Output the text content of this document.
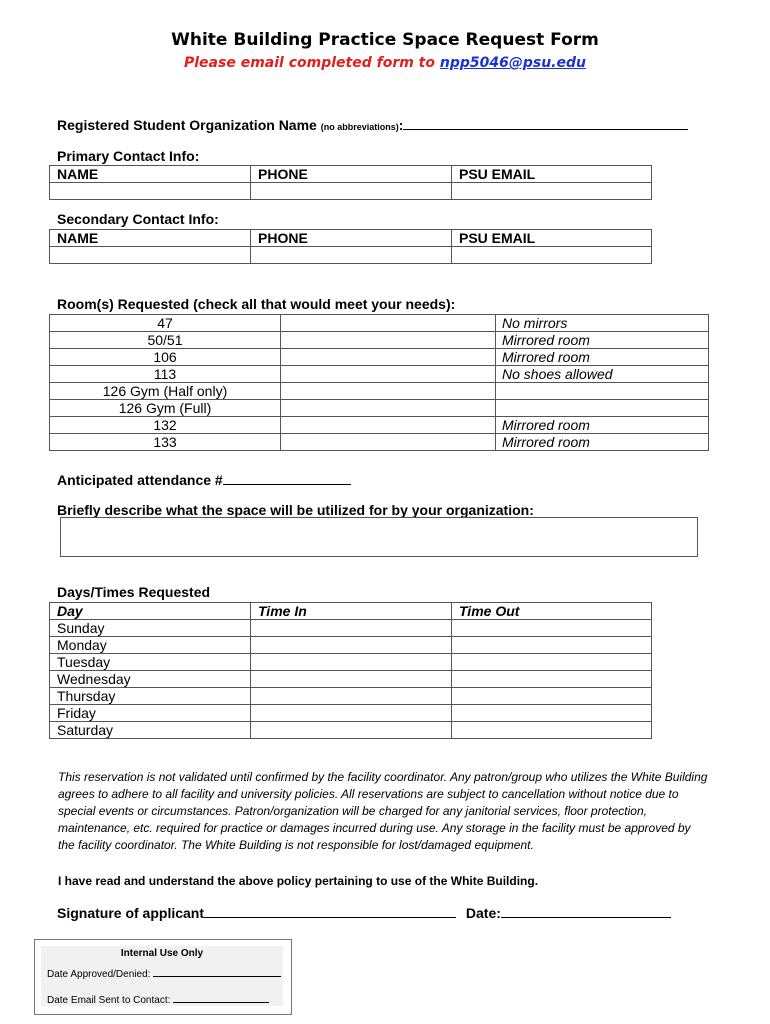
White Building Practice Space Request Form
Please email completed form to npp5046@psu.edu
Registered Student Organization Name (no abbreviations):
Primary Contact Info:
NAME	PHONE	PSU EMAIL

Secondary Contact Info:
NAME	PHONE	PSU EMAIL

Room(s) Requested (check all that would meet your needs):
47		No mirrors
50/51		Mirrored room
106		Mirrored room
113		No shoes allowed
126 Gym (Half only)		
126 Gym (Full)		
132		Mirrored room
133		Mirrored room
Anticipated attendance #
Briefly describe what the space will be utilized for by your organization:
Days/Times Requested
Day	Time In	Time Out
Sunday		
Monday		
Tuesday		
Wednesday		
Thursday		
Friday		
Saturday		
This reservation is not validated until confirmed by the facility coordinator. Any patron/group who utilizes the White Building agrees to adhere to all facility and university policies. All reservations are subject to cancellation without notice due to special events or circumstances. Patron/organization will be charged for any janitorial services, floor protection, maintenance, etc. required for practice or damages incurred during use. Any storage in the facility must be approved by the facility coordinator. The White Building is not responsible for lost/damaged equipment.
I have read and understand the above policy pertaining to use of the White Building.
Signature of applicant	Date:
Internal Use Only
Date Approved/Denied:
Date Email Sent to Contact:
